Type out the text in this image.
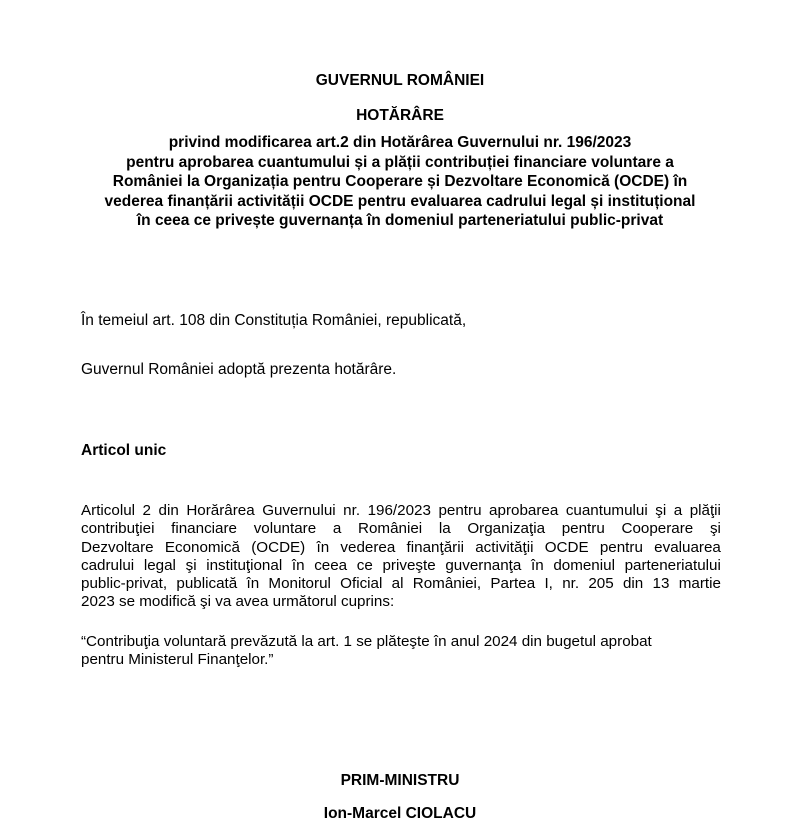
GUVERNUL ROMÂNIEI
HOTĂRÂRE
privind modificarea art.2 din Hotărârea Guvernului nr. 196/2023
pentru aprobarea cuantumului și a plății contribuției financiare voluntare a
României la Organizația pentru Cooperare și Dezvoltare Economică (OCDE) în
vederea finanțării activității OCDE pentru evaluarea cadrului legal și instituțional
în ceea ce privește guvernanța în domeniul parteneriatului public-privat
În temeiul art. 108 din Constituția României, republicată,
Guvernul României adoptă prezenta hotărâre.
Articol unic
Articolul 2 din Horărârea Guvernului nr. 196/2023 pentru aprobarea cuantumului şi a plăţii
contribuţiei financiare voluntare a României la Organizaţia pentru Cooperare şi
Dezvoltare Economică (OCDE) în vederea finanţării activităţii OCDE pentru evaluarea
cadrului legal şi instituţional în ceea ce priveşte guvernanţa în domeniul parteneriatului
public-privat, publicată în Monitorul Oficial al României, Partea I, nr. 205 din 13 martie
2023 se modifică şi va avea următorul cuprins:
“Contribuţia voluntară prevăzută la art. 1 se plăteşte în anul 2024 din bugetul aprobat
pentru Ministerul Finanţelor.”
PRIM-MINISTRU
Ion-Marcel CIOLACU
